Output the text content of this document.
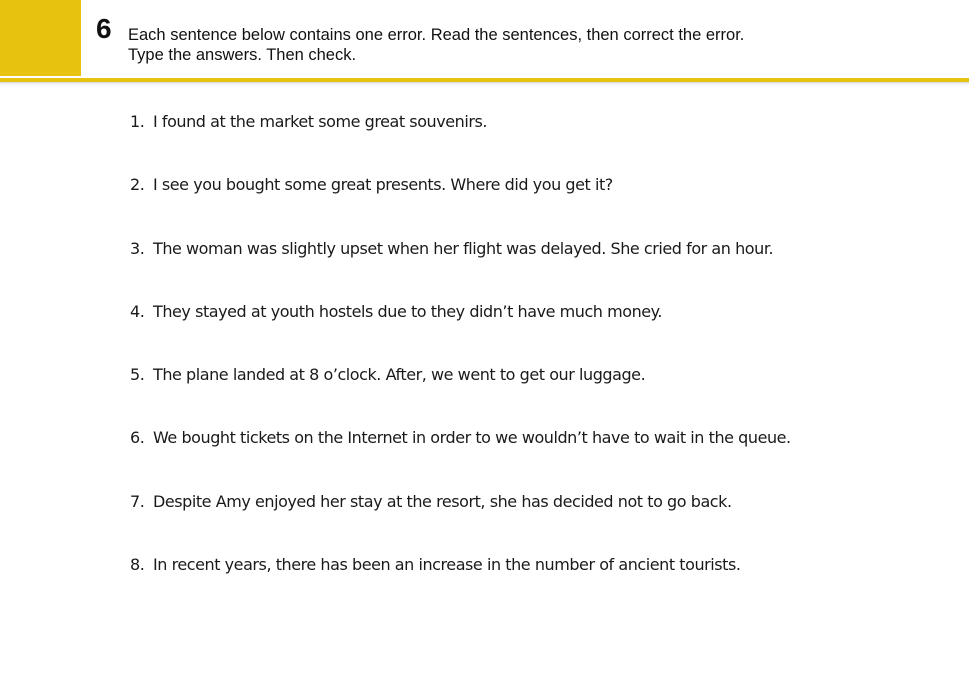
6 Each sentence below contains one error. Read the sentences, then correct the error.
Type the answers. Then check.
1. I found at the market some great souvenirs.
2. I see you bought some great presents. Where did you get it?
3. The woman was slightly upset when her flight was delayed. She cried for an hour.
4. They stayed at youth hostels due to they didn’t have much money.
5. The plane landed at 8 o’clock. After, we went to get our luggage.
6. We bought tickets on the Internet in order to we wouldn’t have to wait in the queue.
7. Despite Amy enjoyed her stay at the resort, she has decided not to go back.
8. In recent years, there has been an increase in the number of ancient tourists.
